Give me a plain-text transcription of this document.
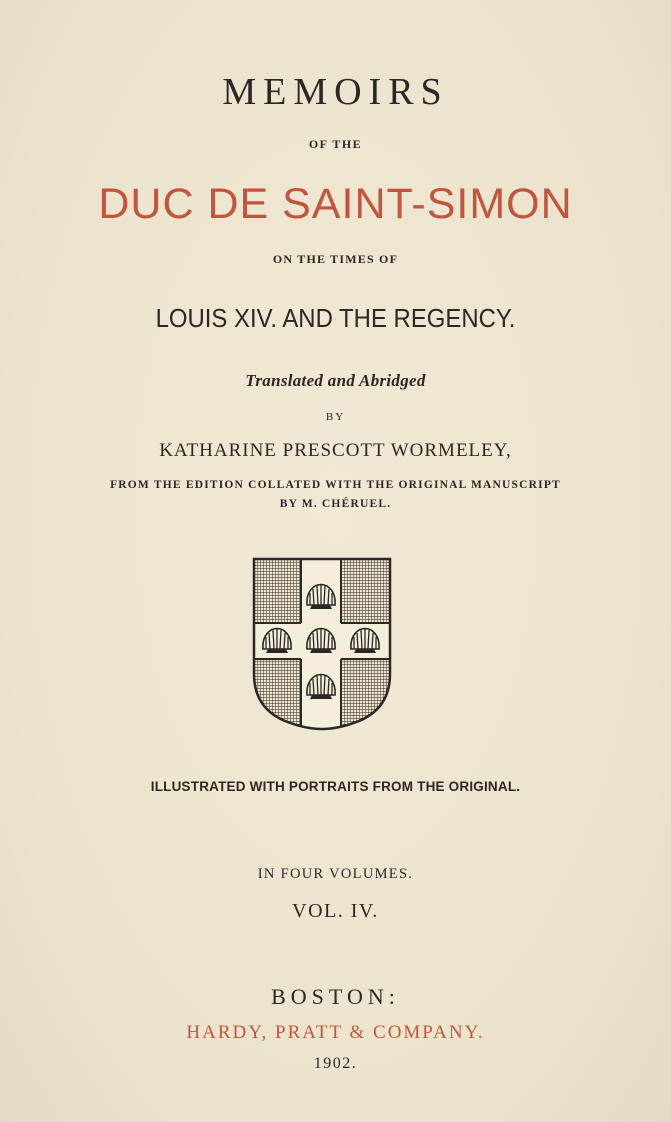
MEMOIRS
OF THE
DUC DE SAINT-SIMON
ON THE TIMES OF
LOUIS XIV. AND THE REGENCY.
Translated and Abridged
BY
KATHARINE PRESCOTT WORMELEY,
FROM THE EDITION COLLATED WITH THE ORIGINAL MANUSCRIPT
BY M. CHÉRUEL.
ILLUSTRATED WITH PORTRAITS FROM THE ORIGINAL.
IN FOUR VOLUMES.
VOL. IV.
BOSTON:
HARDY, PRATT & COMPANY.
1902.
